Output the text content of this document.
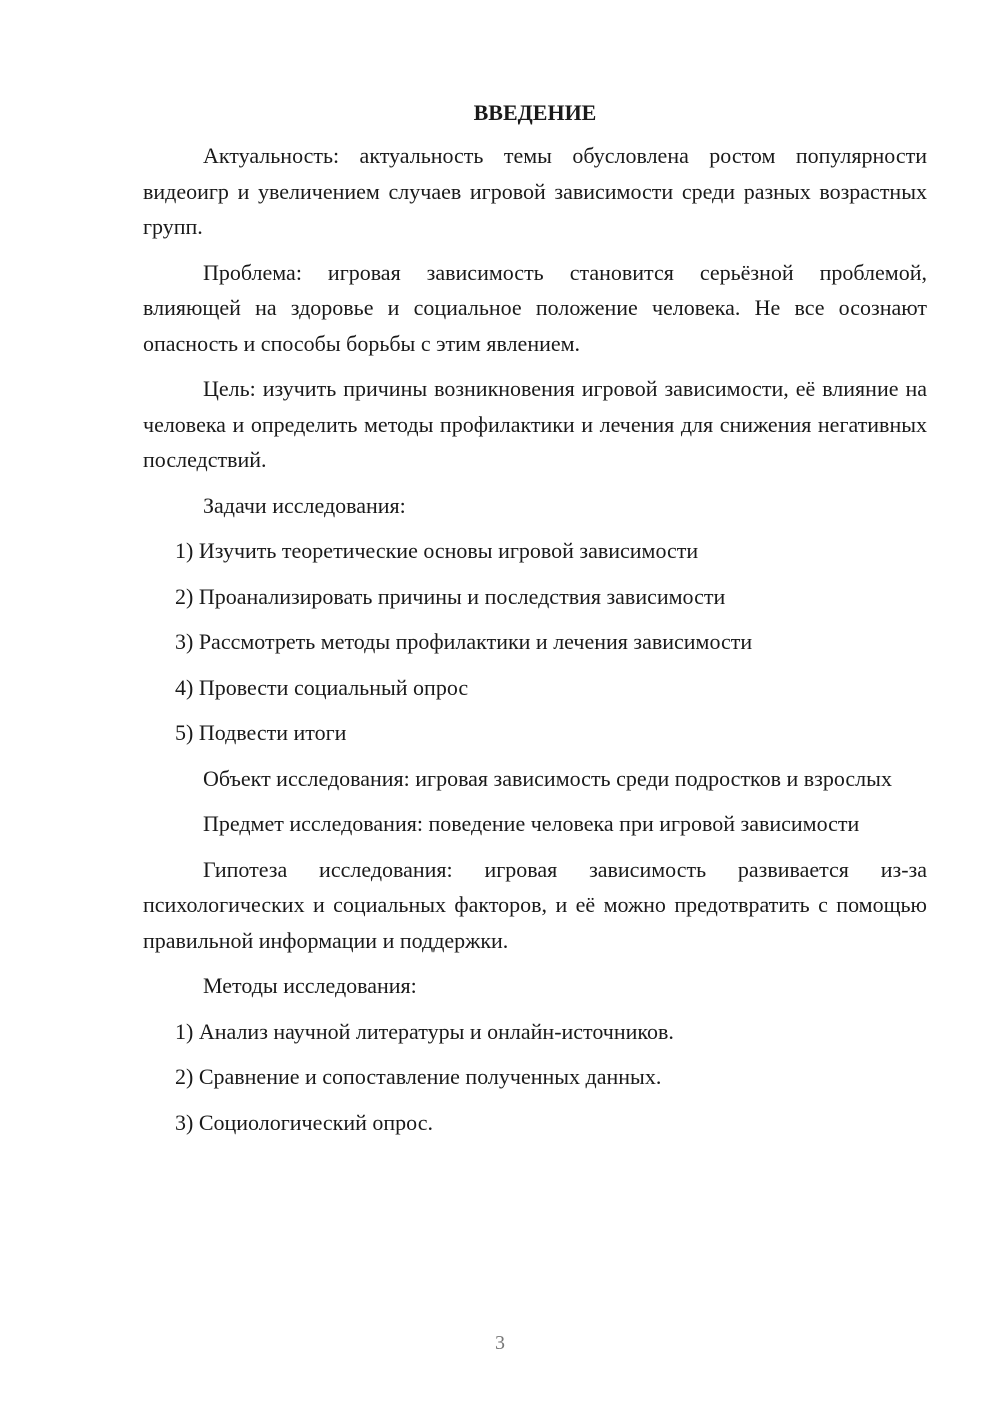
ВВЕДЕНИЕ

Актуальность: актуальность темы обусловлена ростом популярности видеоигр и увеличением случаев игровой зависимости среди разных возрастных групп.

Проблема: игровая зависимость становится серьёзной проблемой, влияющей на здоровье и социальное положение человека. Не все осознают опасность и способы борьбы с этим явлением.

Цель: изучить причины возникновения игровой зависимости, её влияние на человека и определить методы профилактики и лечения для снижения негативных последствий.

Задачи исследования:

1) Изучить теоретические основы игровой зависимости
2) Проанализировать причины и последствия зависимости
3) Рассмотреть методы профилактики и лечения зависимости
4) Провести социальный опрос
5) Подвести итоги

Объект исследования: игровая зависимость среди подростков и взрослых

Предмет исследования: поведение человека при игровой зависимости

Гипотеза исследования: игровая зависимость развивается из-за психологических и социальных факторов, и её можно предотвратить с помощью правильной информации и поддержки.

Методы исследования:

1) Анализ научной литературы и онлайн-источников.
2) Сравнение и сопоставление полученных данных.
3) Социологический опрос.
3
